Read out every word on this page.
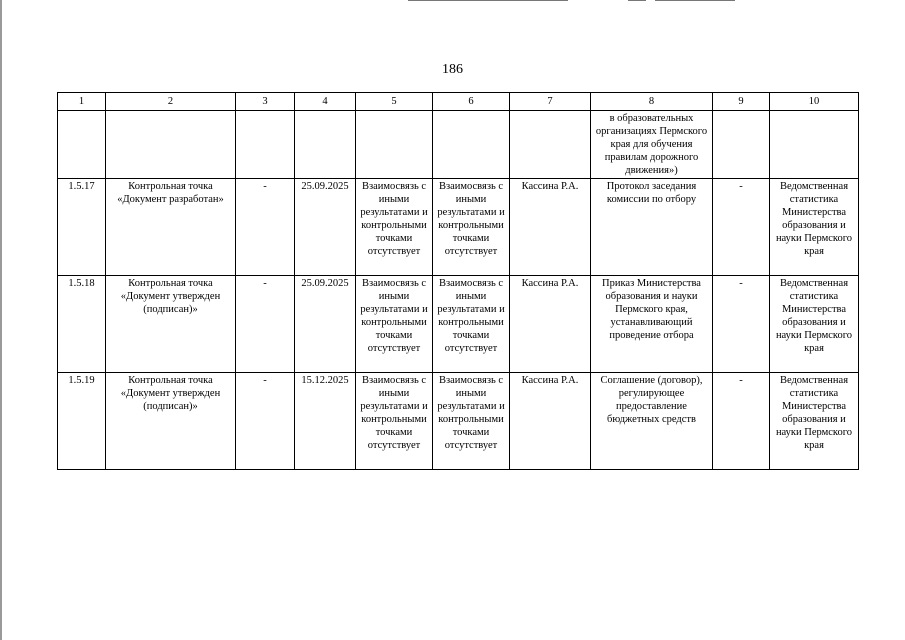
186
1	2	3	4	5	6	7	8	9	10
							в образовательных организациях Пермского края для обучения правилам дорожного движения»)		
1.5.17	Контрольная точка «Документ разработан»	-	25.09.2025	Взаимосвязь с иными результатами и контрольными точками отсутствует	Взаимосвязь с иными результатами и контрольными точками отсутствует	Кассина Р.А.	Протокол заседания комиссии по отбору	-	Ведомственная статистика Министерства образования и науки Пермского края
1.5.18	Контрольная точка «Документ утвержден (подписан)»	-	25.09.2025	Взаимосвязь с иными результатами и контрольными точками отсутствует	Взаимосвязь с иными результатами и контрольными точками отсутствует	Кассина Р.А.	Приказ Министерства образования и науки Пермского края, устанавливающий проведение отбора	-	Ведомственная статистика Министерства образования и науки Пермского края
1.5.19	Контрольная точка «Документ утвержден (подписан)»	-	15.12.2025	Взаимосвязь с иными результатами и контрольными точками отсутствует	Взаимосвязь с иными результатами и контрольными точками отсутствует	Кассина Р.А.	Соглашение (договор), регулирующее предоставление бюджетных средств	-	Ведомственная статистика Министерства образования и науки Пермского края
